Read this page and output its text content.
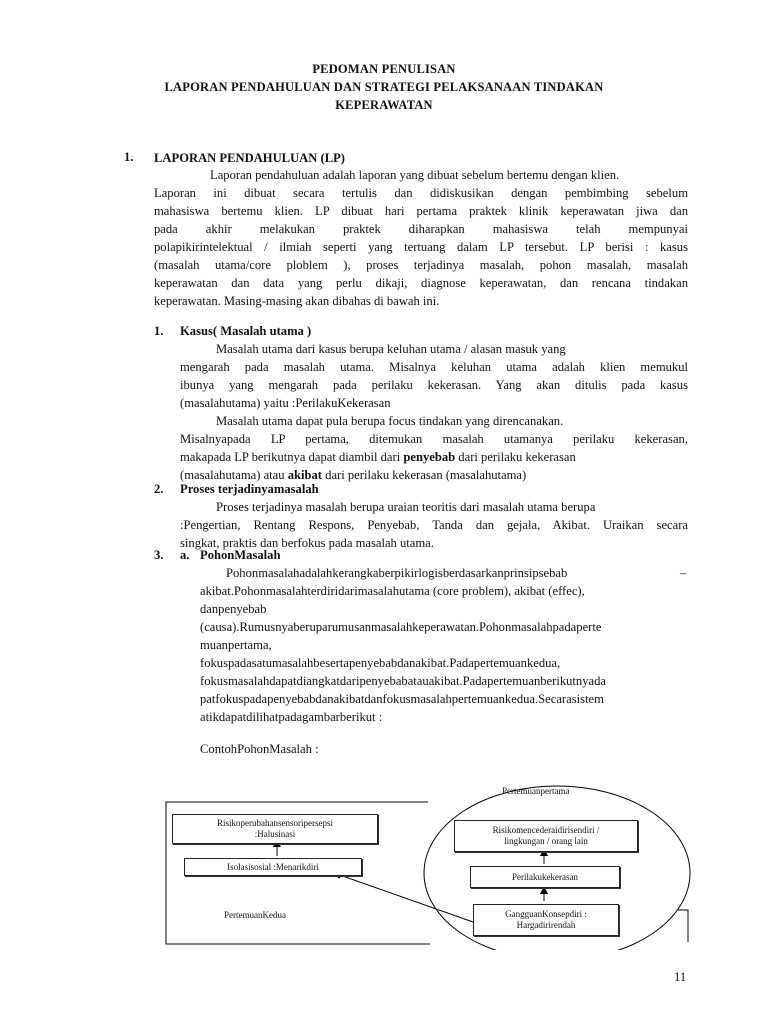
PEDOMAN PENULISAN
LAPORAN PENDAHULUAN DAN STRATEGI PELAKSANAAN TINDAKAN
KEPERAWATAN
1. LAPORAN PENDAHULUAN (LP)
Laporan pendahuluan adalah laporan yang dibuat sebelum bertemu dengan klien.
Laporan ini dibuat secara tertulis dan didiskusikan dengan pembimbing sebelum
mahasiswa bertemu klien. LP dibuat hari pertama praktek klinik keperawatan jiwa dan
pada akhir melakukan praktek diharapkan mahasiswa telah mempunyai
polapikirintelektual / ilmiah seperti yang tertuang dalam LP tersebut. LP berisi : kasus
(masalah utama/core ploblem ), proses terjadinya masalah, pohon masalah, masalah
keperawatan dan data yang perlu dikaji, diagnose keperawatan, dan rencana tindakan
keperawatan. Masing-masing akan dibahas di bawah ini.
1. Kasus( Masalah utama )
Masalah utama dari kasus berupa keluhan utama / alasan masuk yang
mengarah pada masalah utama. Misalnya keluhan utama adalah klien memukul
ibunya yang mengarah pada perilaku kekerasan. Yang akan ditulis pada kasus
(masalahutama) yaitu :PerilakuKekerasan
Masalah utama dapat pula berupa focus tindakan yang direncanakan.
Misalnyapada LP pertama, ditemukan masalah utamanya perilaku kekerasan,
makapada LP berikutnya dapat diambil dari penyebab dari perilaku kekerasan
(masalahutama) atau akibat dari perilaku kekerasan (masalahutama)
2. Proses terjadinyamasalah
Proses terjadinya masalah berupa uraian teoritis dari masalah utama berupa
:Pengertian, Rentang Respons, Penyebab, Tanda dan gejala, Akibat. Uraikan secara
singkat, praktis dan berfokus pada masalah utama.
3. a. PohonMasalah
Pohonmasalahadalahkerangkaberpikirlogisberdasarkanprinsipsebab	–
akibat.Pohonmasalahterdiridarimasalahutama (core problem), akibat (effec),
danpenyebab
(causa).Rumusnyaberuparumusanmasalahkeperawatan.Pohonmasalahpadaperte
muanpertama,
fokuspadasatumasalahbesertapenyebabdanakibat.Padapertemuankedua,
fokusmasalahdapatdiangkatdaripenyebabatauakibat.Padapertemuanberikutnyada
patfokuspadapenyebabdanakibatdanfokusmasalahpertemuankedua.Secarasistem
atikdapatdilihatpadagambarberikut :
ContohPohonMasalah :
Pertemuanpertama
PertemuanKedua
Risikoperubahansensoripersepsi
:Halusinasi
Isolasisosial :Menarikdiri
Risikomencederaidirisendiri /
lingkungan / orang lain
Perilakukekerasan
GangguanKonsepdiri :
Hargadirirendah
11
